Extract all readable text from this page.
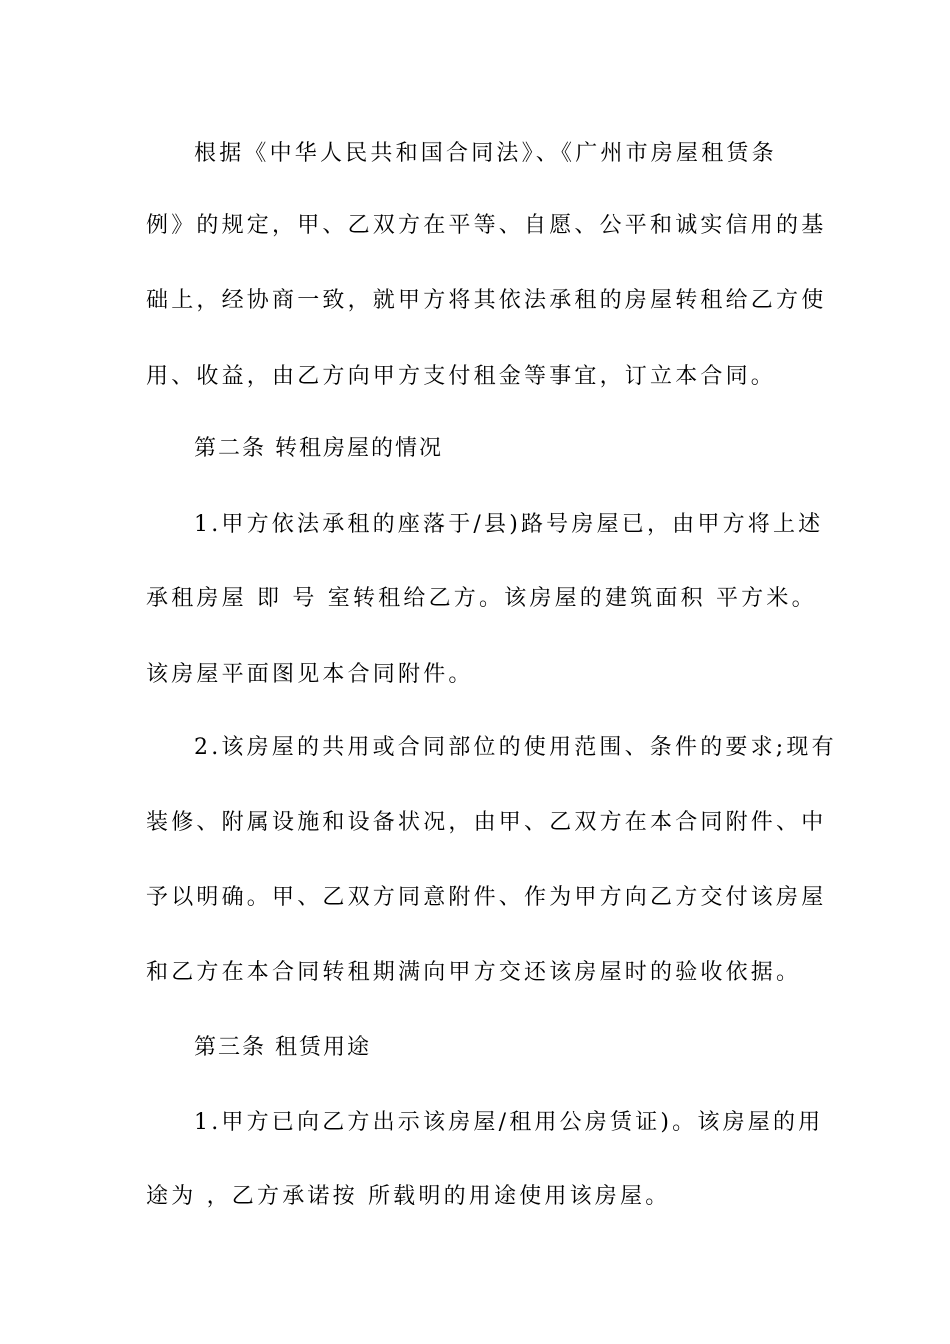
根据《中华人民共和国合同法》、《广州市房屋租赁条
例》的规定，甲、乙双方在平等、自愿、公平和诚实信用的基
础上，经协商一致，就甲方将其依法承租的房屋转租给乙方使
用、收益，由乙方向甲方支付租金等事宜，订立本合同。
第二条 转租房屋的情况
1.甲方依法承租的座落于/县)路号房屋已，由甲方将上述
承租房屋 即 号 室转租给乙方。该房屋的建筑面积 平方米。
该房屋平面图见本合同附件。
2.该房屋的共用或合同部位的使用范围、条件的要求;现有
装修、附属设施和设备状况，由甲、乙双方在本合同附件、中
予以明确。甲、乙双方同意附件、作为甲方向乙方交付该房屋
和乙方在本合同转租期满向甲方交还该房屋时的验收依据。
第三条 租赁用途
1.甲方已向乙方出示该房屋/租用公房赁证)。该房屋的用
途为 ，乙方承诺按 所载明的用途使用该房屋。
